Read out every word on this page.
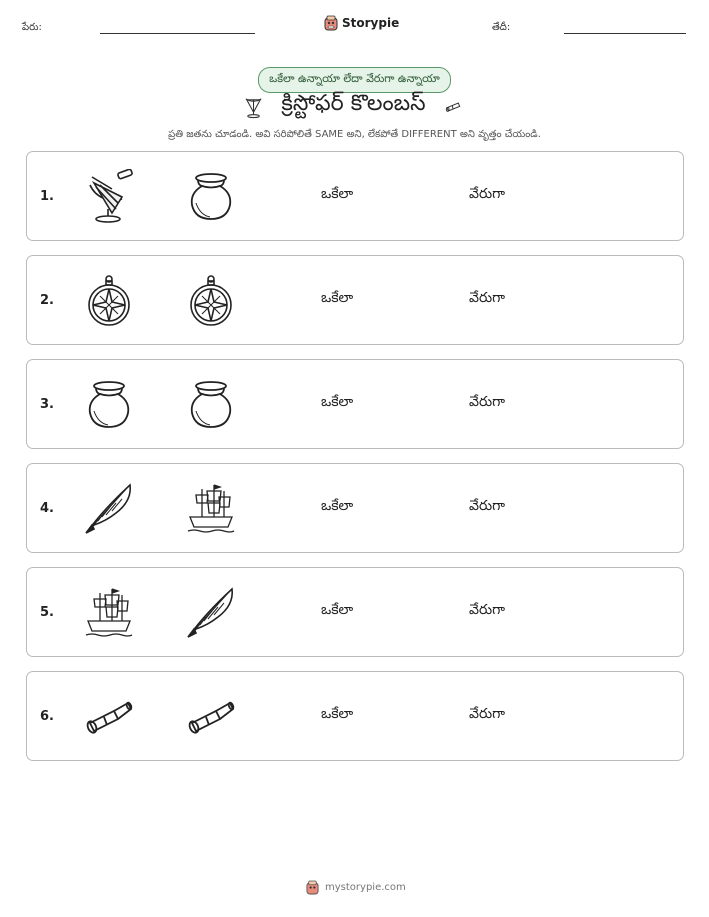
పేరు:	Storypie	తేదీ:
ఒకేలా ఉన్నాయా లేదా వేరుగా ఉన్నాయా
క్రిస్టోఫర్ కొలంబస్
ప్రతి జతను చూడండి. అవి సరిపోలితే SAME అని, లేకపోతే DIFFERENT అని వృత్తం చేయండి.
1.	ఒకేలా	వేరుగా
2.	ఒకేలా	వేరుగా
3.	ఒకేలా	వేరుగా
4.	ఒకేలా	వేరుగా
5.	ఒకేలా	వేరుగా
6.	ఒకేలా	వేరుగా
mystorypie.com
